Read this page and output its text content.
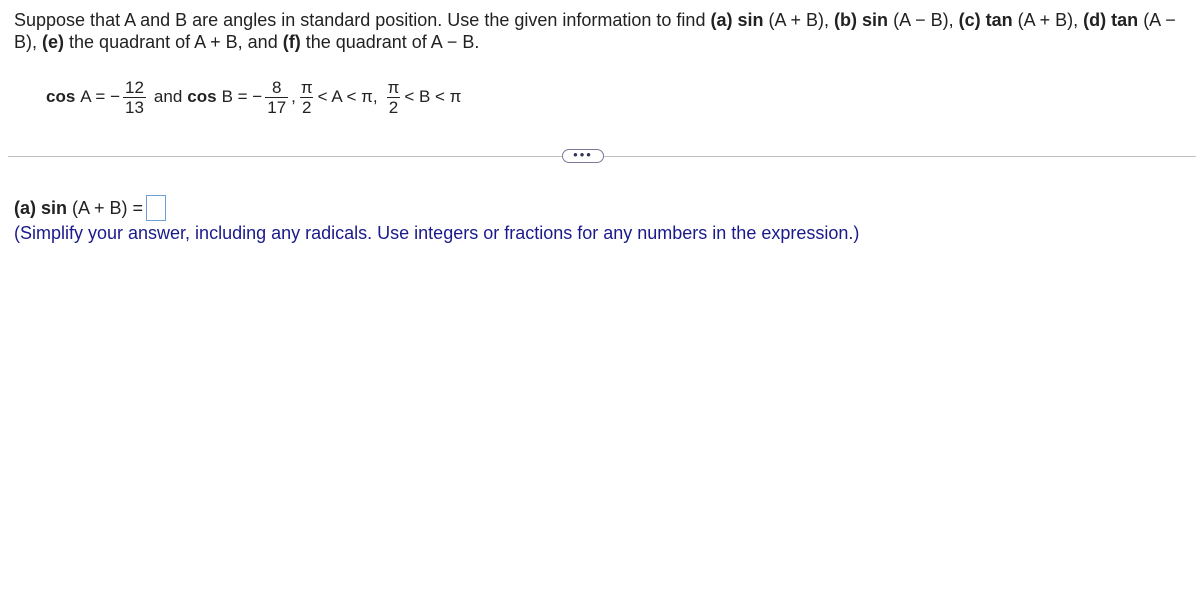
Suppose that A and B are angles in standard position. Use the given information to find (a) sin (A + B), (b) sin (A − B), (c) tan (A + B), (d) tan (A − B), (e) the quadrant of A + B, and (f) the quadrant of A − B.
cos A = − $\frac{12}{13}$ and cos B = − $\frac{8}{17}$ , $\frac{\pi}{2} < A < \pi$, $\frac{\pi}{2} < B < \pi$
•••
(a) sin (A + B) =
(Simplify your answer, including any radicals. Use integers or fractions for any numbers in the expression.)
